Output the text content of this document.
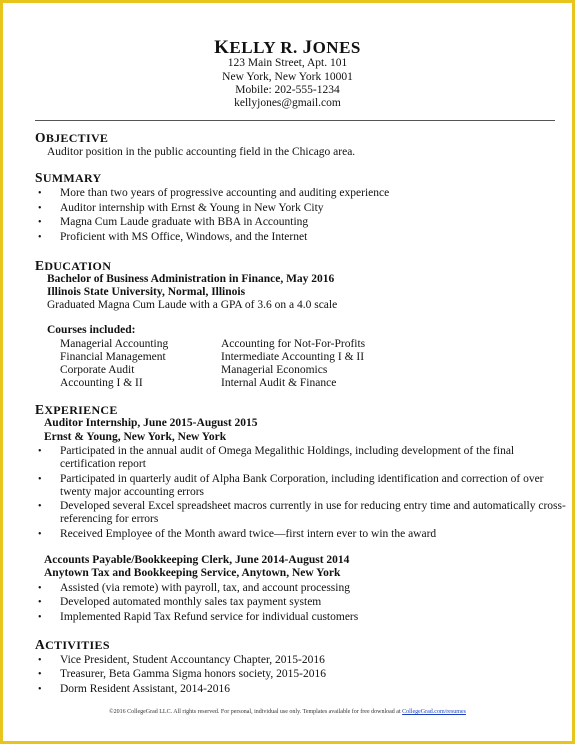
KELLY R. JONES
123 Main Street, Apt. 101
New York, New York 10001
Mobile: 202-555-1234
kellyjones@gmail.com
OBJECTIVE
Auditor position in the public accounting field in the Chicago area.
SUMMARY
• More than two years of progressive accounting and auditing experience
• Auditor internship with Ernst & Young in New York City
• Magna Cum Laude graduate with BBA in Accounting
• Proficient with MS Office, Windows, and the Internet
EDUCATION
Bachelor of Business Administration in Finance, May 2016
Illinois State University, Normal, Illinois
Graduated Magna Cum Laude with a GPA of 3.6 on a 4.0 scale
Courses included:
Managerial Accounting
Financial Management
Corporate Audit
Accounting I & II
Accounting for Not-For-Profits
Intermediate Accounting I & II
Managerial Economics
Internal Audit & Finance
EXPERIENCE
Auditor Internship, June 2015-August 2015
Ernst & Young, New York, New York
• Participated in the annual audit of Omega Megalithic Holdings, including development of the final
certification report
• Participated in quarterly audit of Alpha Bank Corporation, including identification and correction of over
twenty major accounting errors
• Developed several Excel spreadsheet macros currently in use for reducing entry time and automatically cross-
referencing for errors
• Received Employee of the Month award twice—first intern ever to win the award
Accounts Payable/Bookkeeping Clerk, June 2014-August 2014
Anytown Tax and Bookkeeping Service, Anytown, New York
• Assisted (via remote) with payroll, tax, and account processing
• Developed automated monthly sales tax payment system
• Implemented Rapid Tax Refund service for individual customers
ACTIVITIES
• Vice President, Student Accountancy Chapter, 2015-2016
• Treasurer, Beta Gamma Sigma honors society, 2015-2016
• Dorm Resident Assistant, 2014-2016
©2016 CollegeGrad LLC. All rights reserved. For personal, individual use only. Templates available for free download at CollegeGrad.com/resumes
